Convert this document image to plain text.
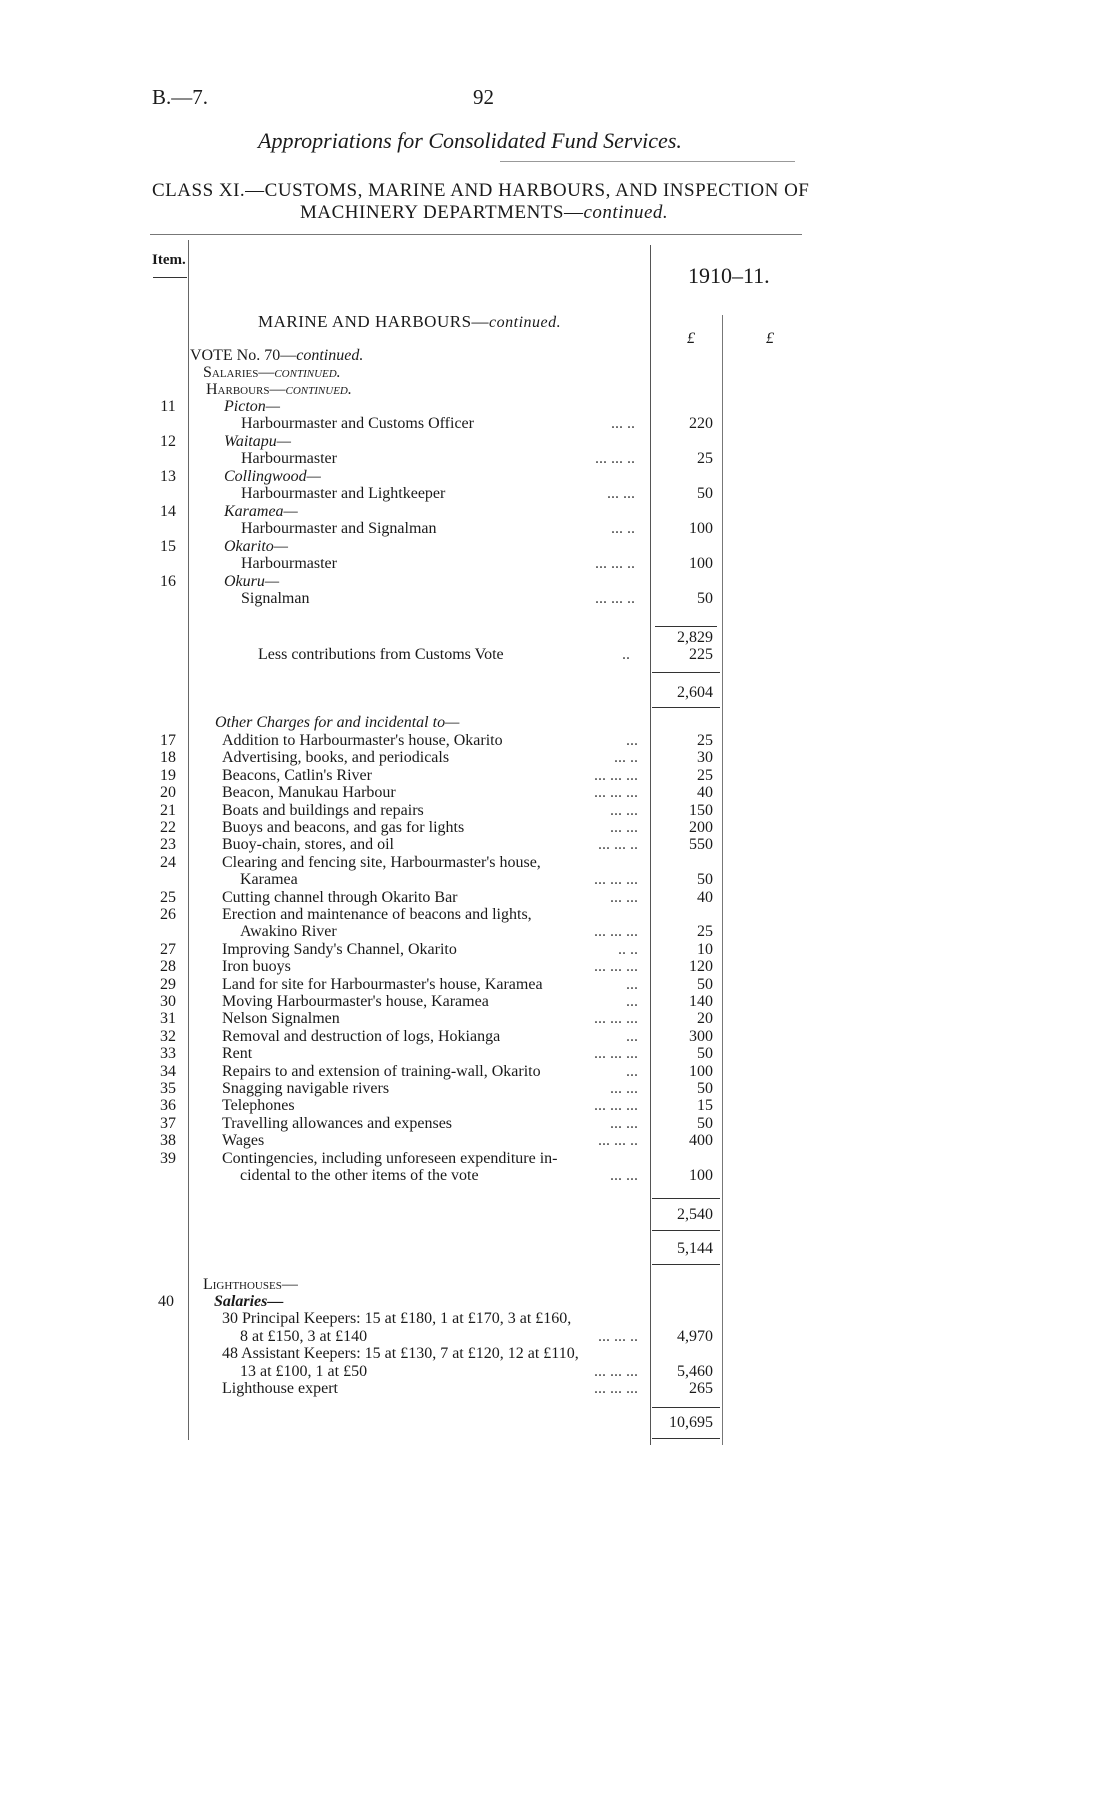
B.—7.	92
Appropriations for Consolidated Fund Services.
CLASS XI.—CUSTOMS, MARINE AND HARBOURS, AND INSPECTION OF
MACHINERY DEPARTMENTS—continued.
Item.
1910–11.
£	£
MARINE AND HARBOURS—continued.
VOTE No. 70—continued.
Salaries—continued.
Harbours—continued.
11	Picton—
Harbourmaster and Customs Officer	... ..	220
12	Waitapu—
Harbourmaster	... ... ..	25
13	Collingwood—
Harbourmaster and Lightkeeper	... ...	50
14	Karamea—
Harbourmaster and Signalman	... ..	100
15	Okarito—
Harbourmaster	... ... ..	100
16	Okuru—
Signalman	... ... ..	50
2,829
Less contributions from Customs Vote	..	225
2,604
Other Charges for and incidental to—
17	Addition to Harbourmaster's house, Okarito	...	25
18	Advertising, books, and periodicals	... ..	30
19	Beacons, Catlin's River	... ... ...	25
20	Beacon, Manukau Harbour	... ... ...	40
21	Boats and buildings and repairs	... ...	150
22	Buoys and beacons, and gas for lights	... ...	200
23	Buoy-chain, stores, and oil	... ... ..	550
24	Clearing and fencing site, Harbourmaster's house,
Karamea	... ... ...	50
25	Cutting channel through Okarito Bar	... ...	40
26	Erection and maintenance of beacons and lights,
Awakino River	... ... ...	25
27	Improving Sandy's Channel, Okarito	.. ..	10
28	Iron buoys	... ... ...	120
29	Land for site for Harbourmaster's house, Karamea	...	50
30	Moving Harbourmaster's house, Karamea	...	140
31	Nelson Signalmen	... ... ...	20
32	Removal and destruction of logs, Hokianga	...	300
33	Rent	... ... ...	50
34	Repairs to and extension of training-wall, Okarito	...	100
35	Snagging navigable rivers	... ...	50
36	Telephones	... ... ...	15
37	Travelling allowances and expenses	... ...	50
38	Wages	... ... ..	400
39	Contingencies, including unforeseen expenditure in-
cidental to the other items of the vote	... ...	100
2,540
5,144
Lighthouses—
40	Salaries—
30 Principal Keepers: 15 at £180, 1 at £170, 3 at £160,
8 at £150, 3 at £140	... ... ..	4,970
48 Assistant Keepers: 15 at £130, 7 at £120, 12 at £110,
13 at £100, 1 at £50	... ... ...	5,460
Lighthouse expert	... ... ...	265
10,695
